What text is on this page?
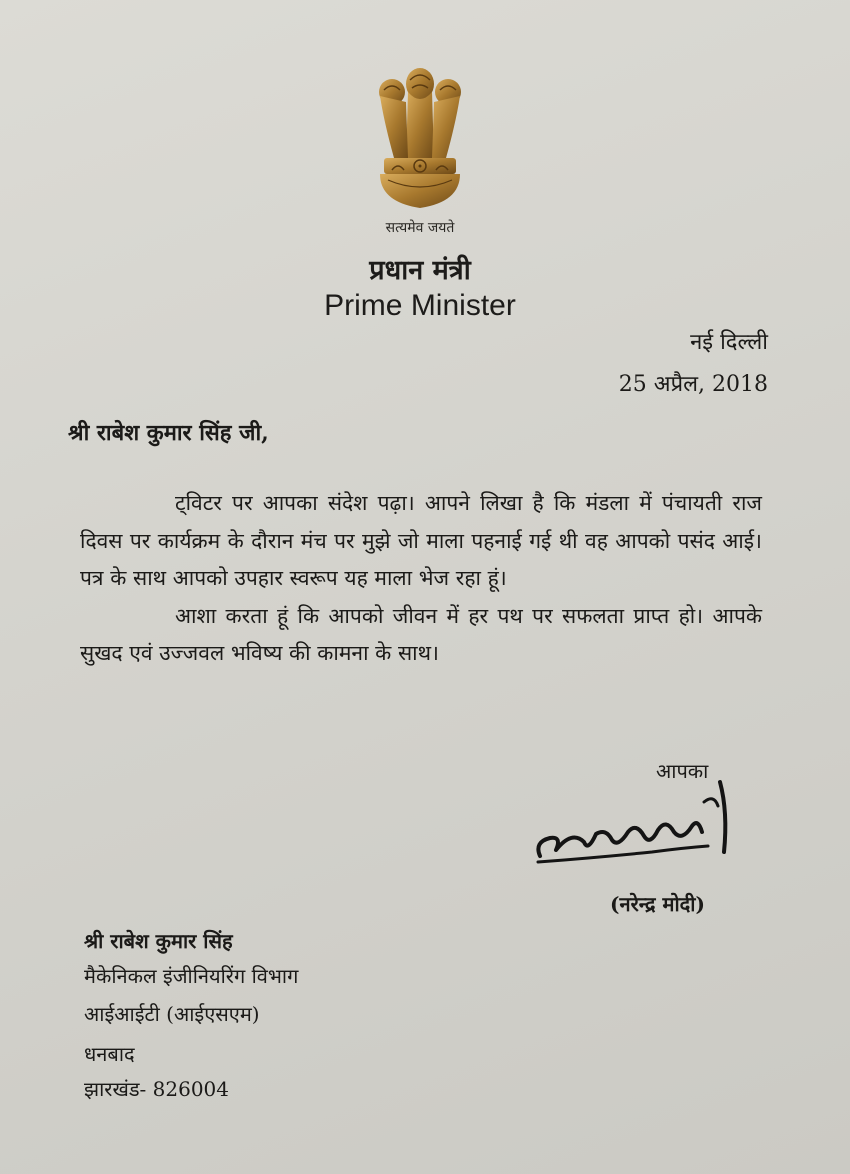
सत्यमेव जयते
प्रधान मंत्री
Prime Minister
नई दिल्ली
25 अप्रैल, 2018
श्री राबेश कुमार सिंह जी,

ट्विटर पर आपका संदेश पढ़ा। आपने लिखा है कि मंडला में पंचायती राज दिवस पर कार्यक्रम के दौरान मंच पर मुझे जो माला पहनाई गई थी वह आपको पसंद आई। पत्र के साथ आपको उपहार स्वरूप यह माला भेज रहा हूं।

आशा करता हूं कि आपको जीवन में हर पथ पर सफलता प्राप्त हो। आपके सुखद एवं उज्जवल भविष्य की कामना के साथ।

आपका
(नरेन्द्र मोदी)
श्री राबेश कुमार सिंह
मैकेनिकल इंजीनियरिंग विभाग
आईआईटी (आईएसएम)
धनबाद
झारखंड- 826004
